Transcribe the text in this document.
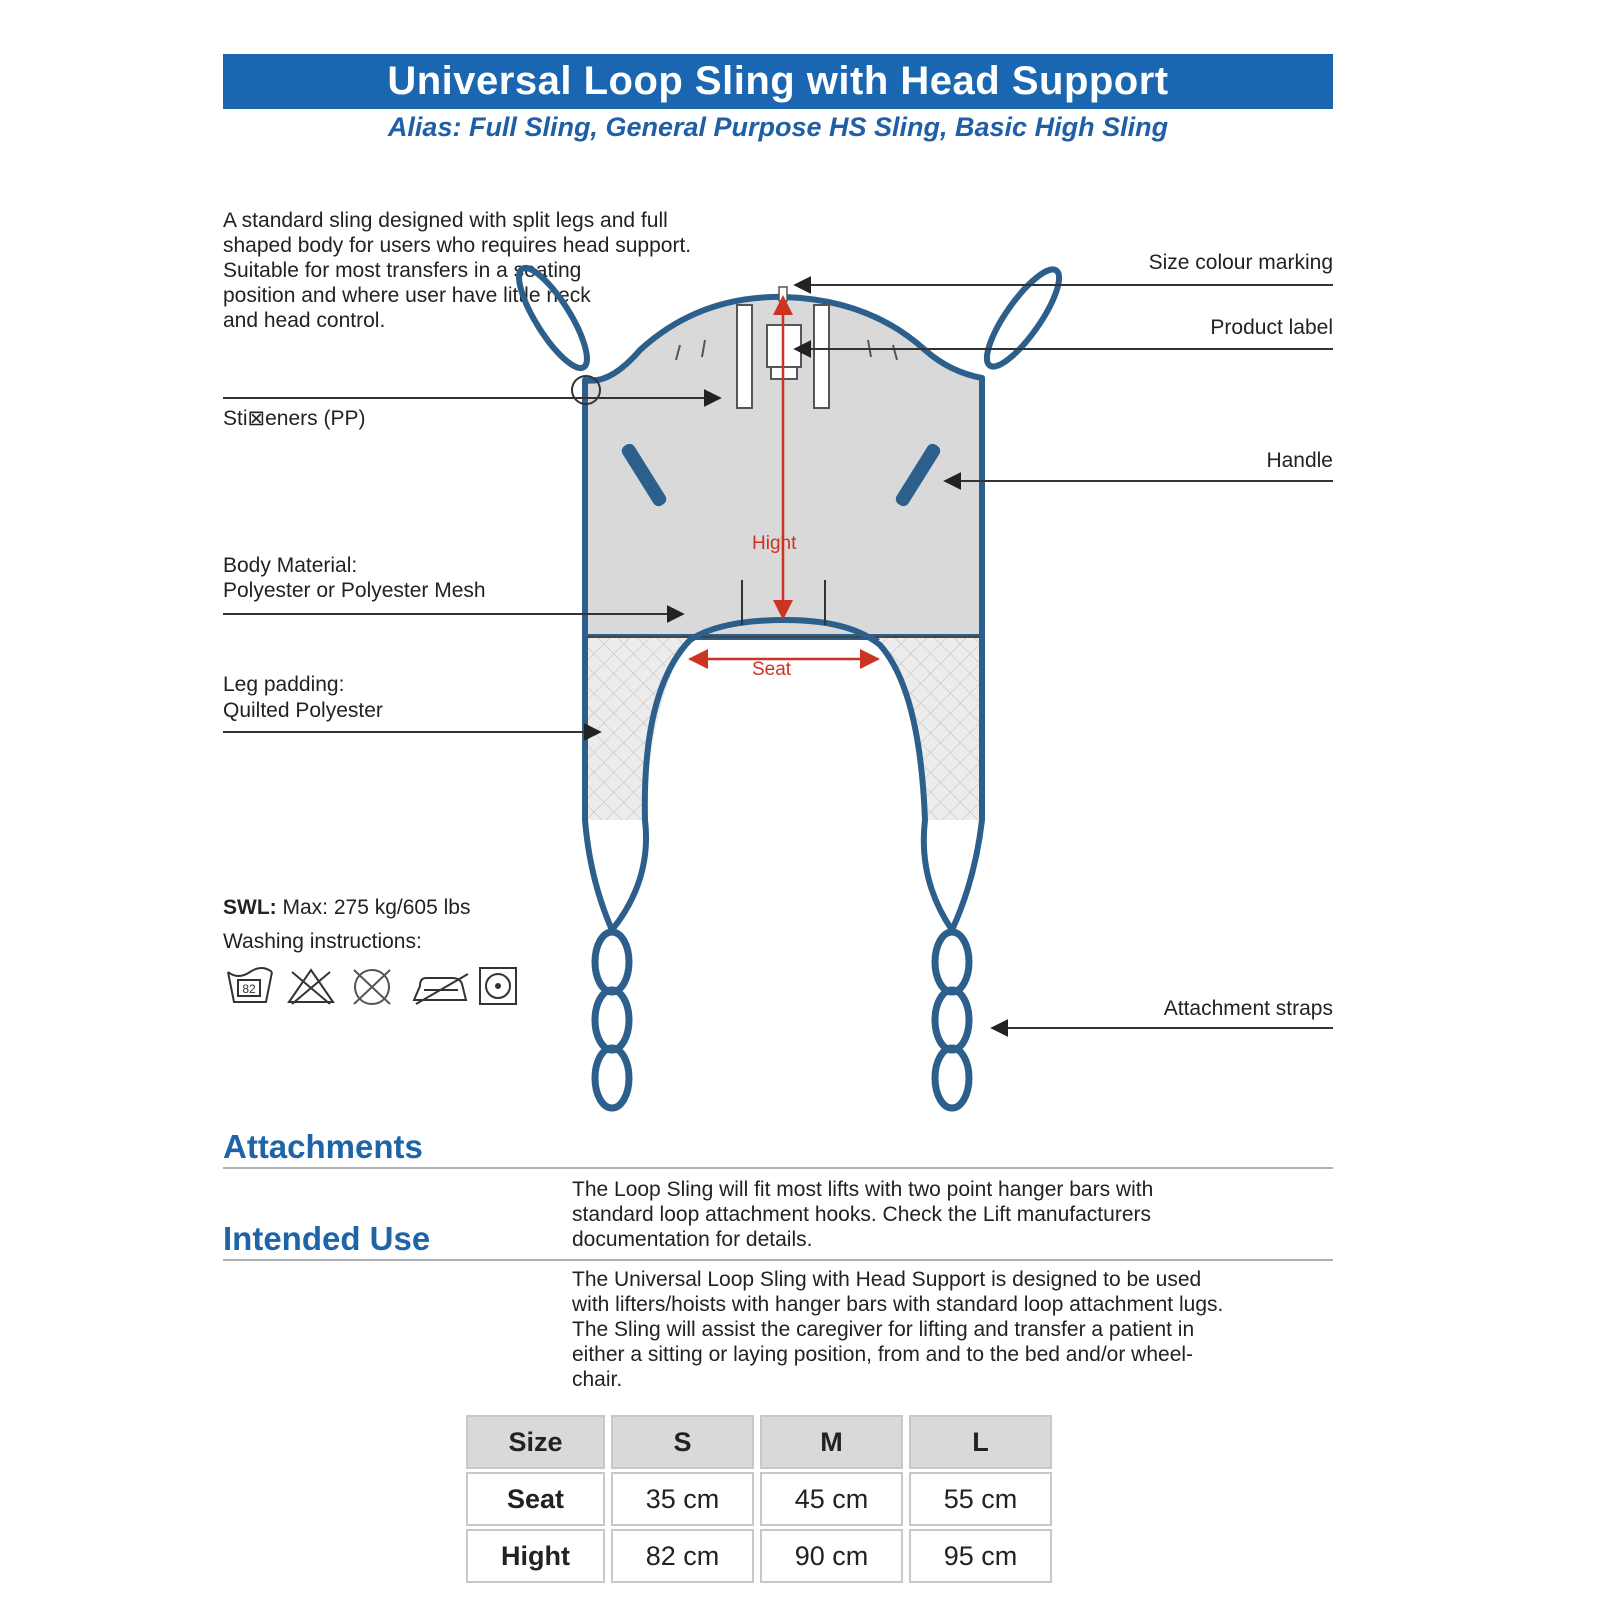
Universal Loop Sling with Head Support
Alias: Full Sling, General Purpose HS Sling, Basic High Sling
A standard sling designed with split legs and full
shaped body for users who requires head support.
Suitable for most transfers in a seating
position and where user have little neck
and head control.
Hight
Seat
Sti⊠eners (PP)
Body Material:
Polyester or Polyester Mesh
Leg padding:
Quilted Polyester
Size colour marking
Product label
Handle
Attachment straps
SWL: Max: 275 kg/605 lbs
Washing instructions:
82
Attachments
The Loop Sling will fit most lifts with two point hanger bars with
standard loop attachment hooks. Check the Lift manufacturers
documentation for details.
Intended Use
The Universal Loop Sling with Head Support is designed to be used
with lifters/hoists with hanger bars with standard loop attachment lugs.
The Sling will assist the caregiver for lifting and transfer a patient in
either a sitting or laying position, from and to the bed and/or wheel-
chair.
Size	S	M	L
Seat	35 cm	45 cm	55 cm
Hight	82 cm	90 cm	95 cm
